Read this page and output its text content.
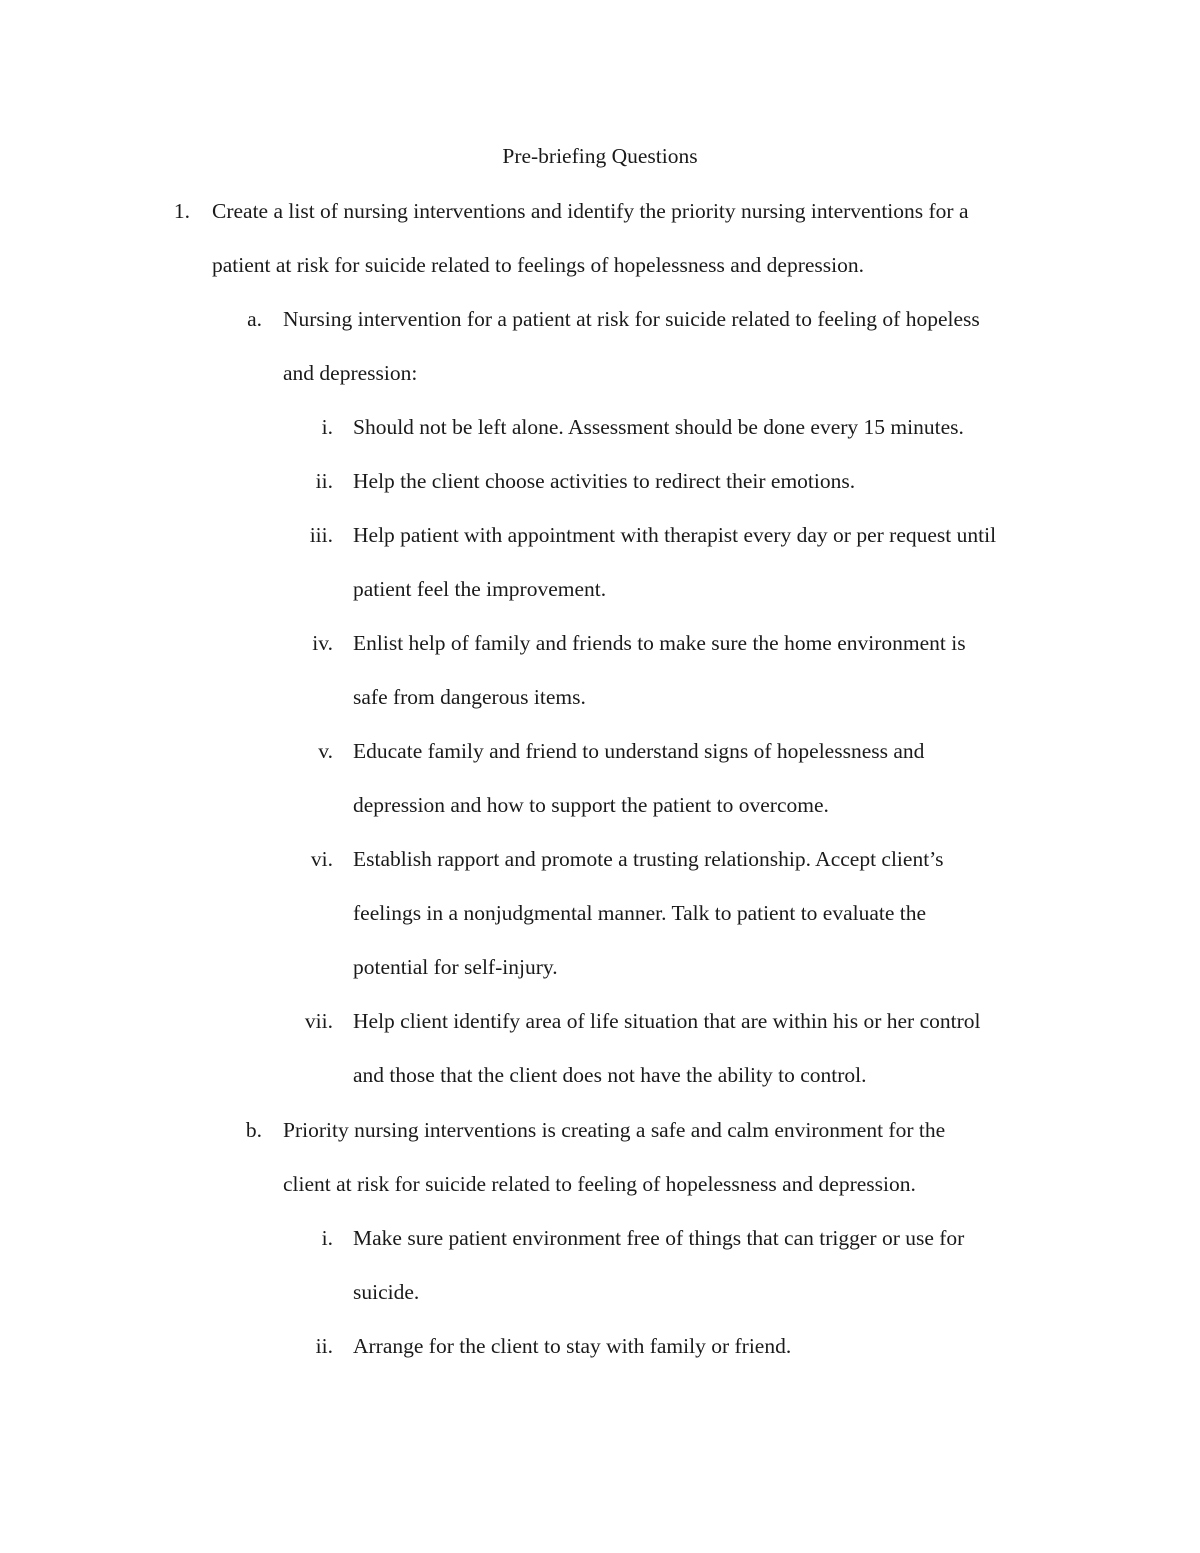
Pre-briefing Questions
1. Create a list of nursing interventions and identify the priority nursing interventions for a
patient at risk for suicide related to feelings of hopelessness and depression.
a. Nursing intervention for a patient at risk for suicide related to feeling of hopeless
and depression:
i. Should not be left alone. Assessment should be done every 15 minutes.
ii. Help the client choose activities to redirect their emotions.
iii. Help patient with appointment with therapist every day or per request until
patient feel the improvement.
iv. Enlist help of family and friends to make sure the home environment is
safe from dangerous items.
v. Educate family and friend to understand signs of hopelessness and
depression and how to support the patient to overcome.
vi. Establish rapport and promote a trusting relationship. Accept client’s
feelings in a nonjudgmental manner. Talk to patient to evaluate the
potential for self-injury.
vii. Help client identify area of life situation that are within his or her control
and those that the client does not have the ability to control.
b. Priority nursing interventions is creating a safe and calm environment for the
client at risk for suicide related to feeling of hopelessness and depression.
i. Make sure patient environment free of things that can trigger or use for
suicide.
ii. Arrange for the client to stay with family or friend.
